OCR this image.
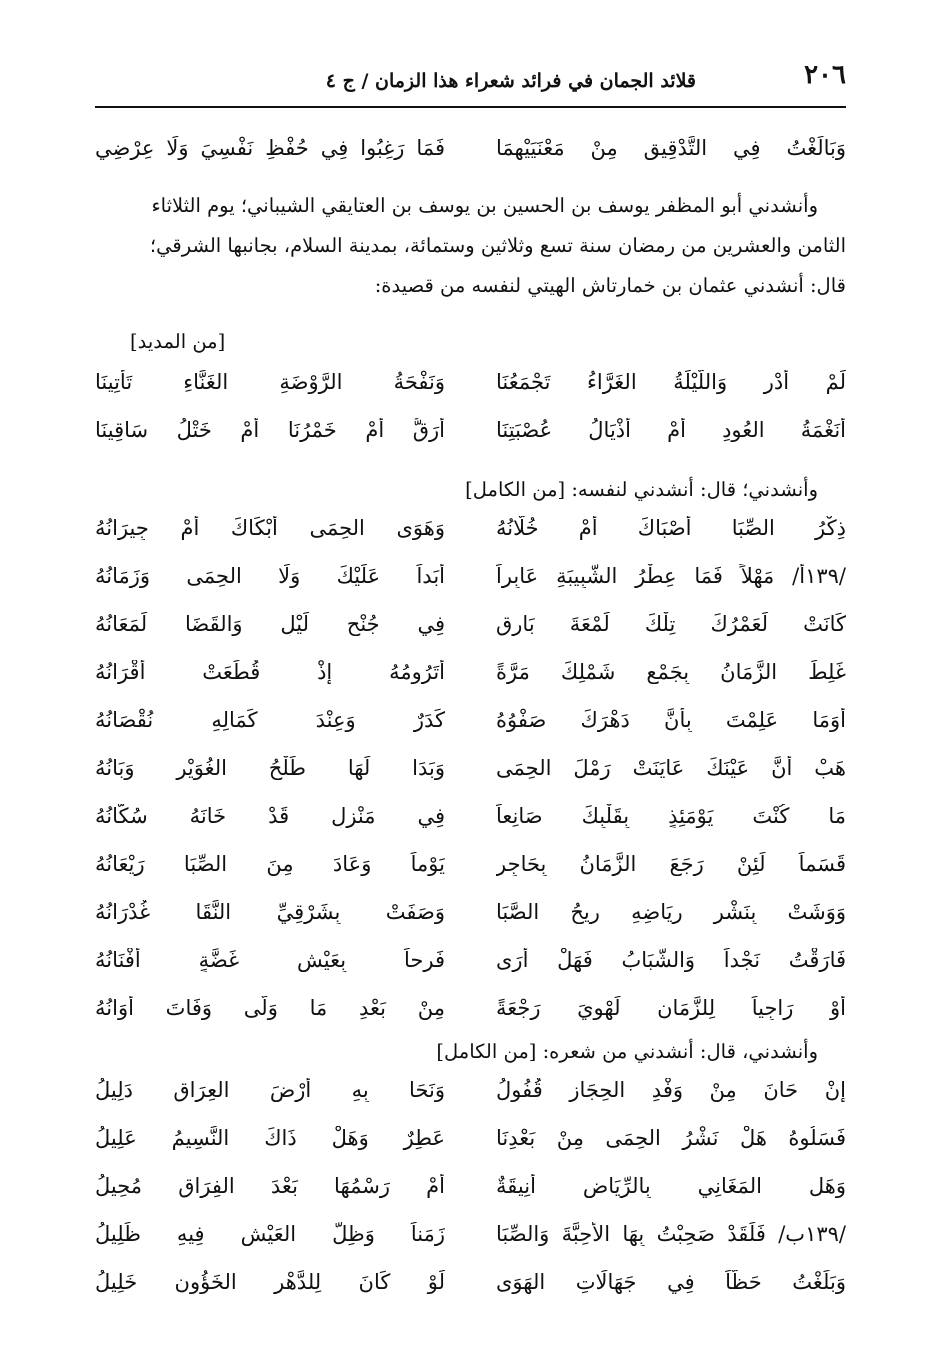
٢٠٦
قلائد الجمان في فرائد شعراء هذا الزمان / ج ٤
وَبَالَغْتُ فِي التَّدْقِيقِ مِنْ مَعْنَيَيْهِمَا
فَمَا رَغِبُوا فِي حُفْظِ نَفْسِيَ وَلَا عِرْضِي

وأنشدني أبو المظفر يوسف بن الحسين بن يوسف بن العتايقي الشيباني؛ يوم الثلاثاء

الثامن والعشرين من رمضان سنة تسع وثلاثين وستمائة، بمدينة السلام، بجانبها الشرقي؛

قال: أنشدني عثمان بن خمارتاش الهيتي لنفسه من قصيدة:

[من المديد]
لَمْ أَدْرِ وَاللَّيْلَةُ الغَرَّاءُ تَجْمَعُنَا
وَنَفْحَةُ الرَّوْضَةِ الغَنَّاءِ تَأْتِينَا
أَنَغْمَةُ العُودِ أَمْ أَذْيَالُ عُصْبَتِنَا
أَرَقُّ أَمْ خَمْرُنَا أَمْ خَتْلُ سَاقِينَا
وأنشدني؛ قال: أنشدني لنفسه: [من الكامل]
ذِكْرُ الصِّبَا أَصْبَاكَ أَمْ خُلَّانُهُ
وَهَوَى الحِمَى أَبْكَاكَ أَمْ جِيرَانُهُ
/١٣٩أ/ مَهْلاً فَمَا عِطْرُ الشَّبِيبَةِ عَابِراً
أَبَداً عَلَيْكَ وَلَا الحِمَى وَزَمَانُهُ
كَانَتْ لَعَمْرُكَ تِلْكَ لَمْعَةَ بَارِقٍ
فِي جُنْحِ لَيْلٍ وَالقَضَا لَمَعَانُهُ
غَلِطَ الزَّمَانُ بِجَمْعِ شَمْلِكَ مَرَّةً
أَتَرُومُهُ إِذْ قُطِّعَتْ أَقْرَانُهُ
أَوَمَا عَلِمْتَ بِأَنَّ دَهْرَكَ صَفْوُهُ
كَدَرٌ وَعِنْدَ كَمَالِهِ نُقْصَانُهُ
هَبْ أَنَّ عَيْنَكَ عَايَنَتْ رَمْلَ الحِمَى
وَبَدَا لَهَا طَلْحُ الغُوَيْرِ وَبَانُهُ
مَا كُنْتَ يَوْمَئِذٍ بِقَلْبِكَ صَانِعاً
فِي مَنْزِلٍ قَدْ خَانَهُ سُكَّانُهُ
قَسَماً لَئِنْ رَجَعَ الزَّمَانُ بِحَاجِرٍ
يَوْماً وَعَادَ مِنَ الصِّبَا رَيْعَانُهُ
وَوَشَتْ بِنَشْرِ رِيَاضِهِ رِيحُ الصَّبَا
وَصَفَتْ بِشَرْقِيِّ النَّقَا غُدْرَانُهُ
فَارَقْتُ نَجْداً وَالشَّبَابُ فَهَلْ أَرَى
فَرِحاً بِعَيْشٍ غَضَّةٍ أَفْنَانُهُ
أَوْ رَاجِياً لِلزَّمَانِ لَهْوِيَ رَجْعَةً
مِنْ بَعْدِ مَا وَلَّى وَفَاتَ أَوَانُهُ
وأنشدني، قال: أنشدني من شعره: [من الكامل]
إِنْ حَانَ مِنْ وَفْدِ الحِجَازِ قُفُولُ
وَنَحَا بِهِ أَرْضَ العِرَاقِ دَلِيلُ
فَسَلُوهُ هَلْ نَشْرُ الحِمَى مِنْ بَعْدِنَا
عَطِرٌ وَهَلْ ذَاكَ النَّسِيمُ عَلِيلُ
وَهَلِ المَغَانِي بِالرِّيَاضِ أَنِيقَةٌ
أَمْ رَسْمُهَا بَعْدَ الفِرَاقِ مُحِيلُ
/١٣٩ب/ فَلَقَدْ صَحِبْتُ بِهَا الأَحِبَّةَ وَالصِّبَا
زَمَناً وَظِلُّ العَيْشِ فِيهِ ظَلِيلُ
وَبَلَغْتُ حَظّاً فِي جَهَالَاتِ الهَوَى
لَوْ كَانَ لِلدَّهْرِ الخَؤُونِ خَلِيلُ
